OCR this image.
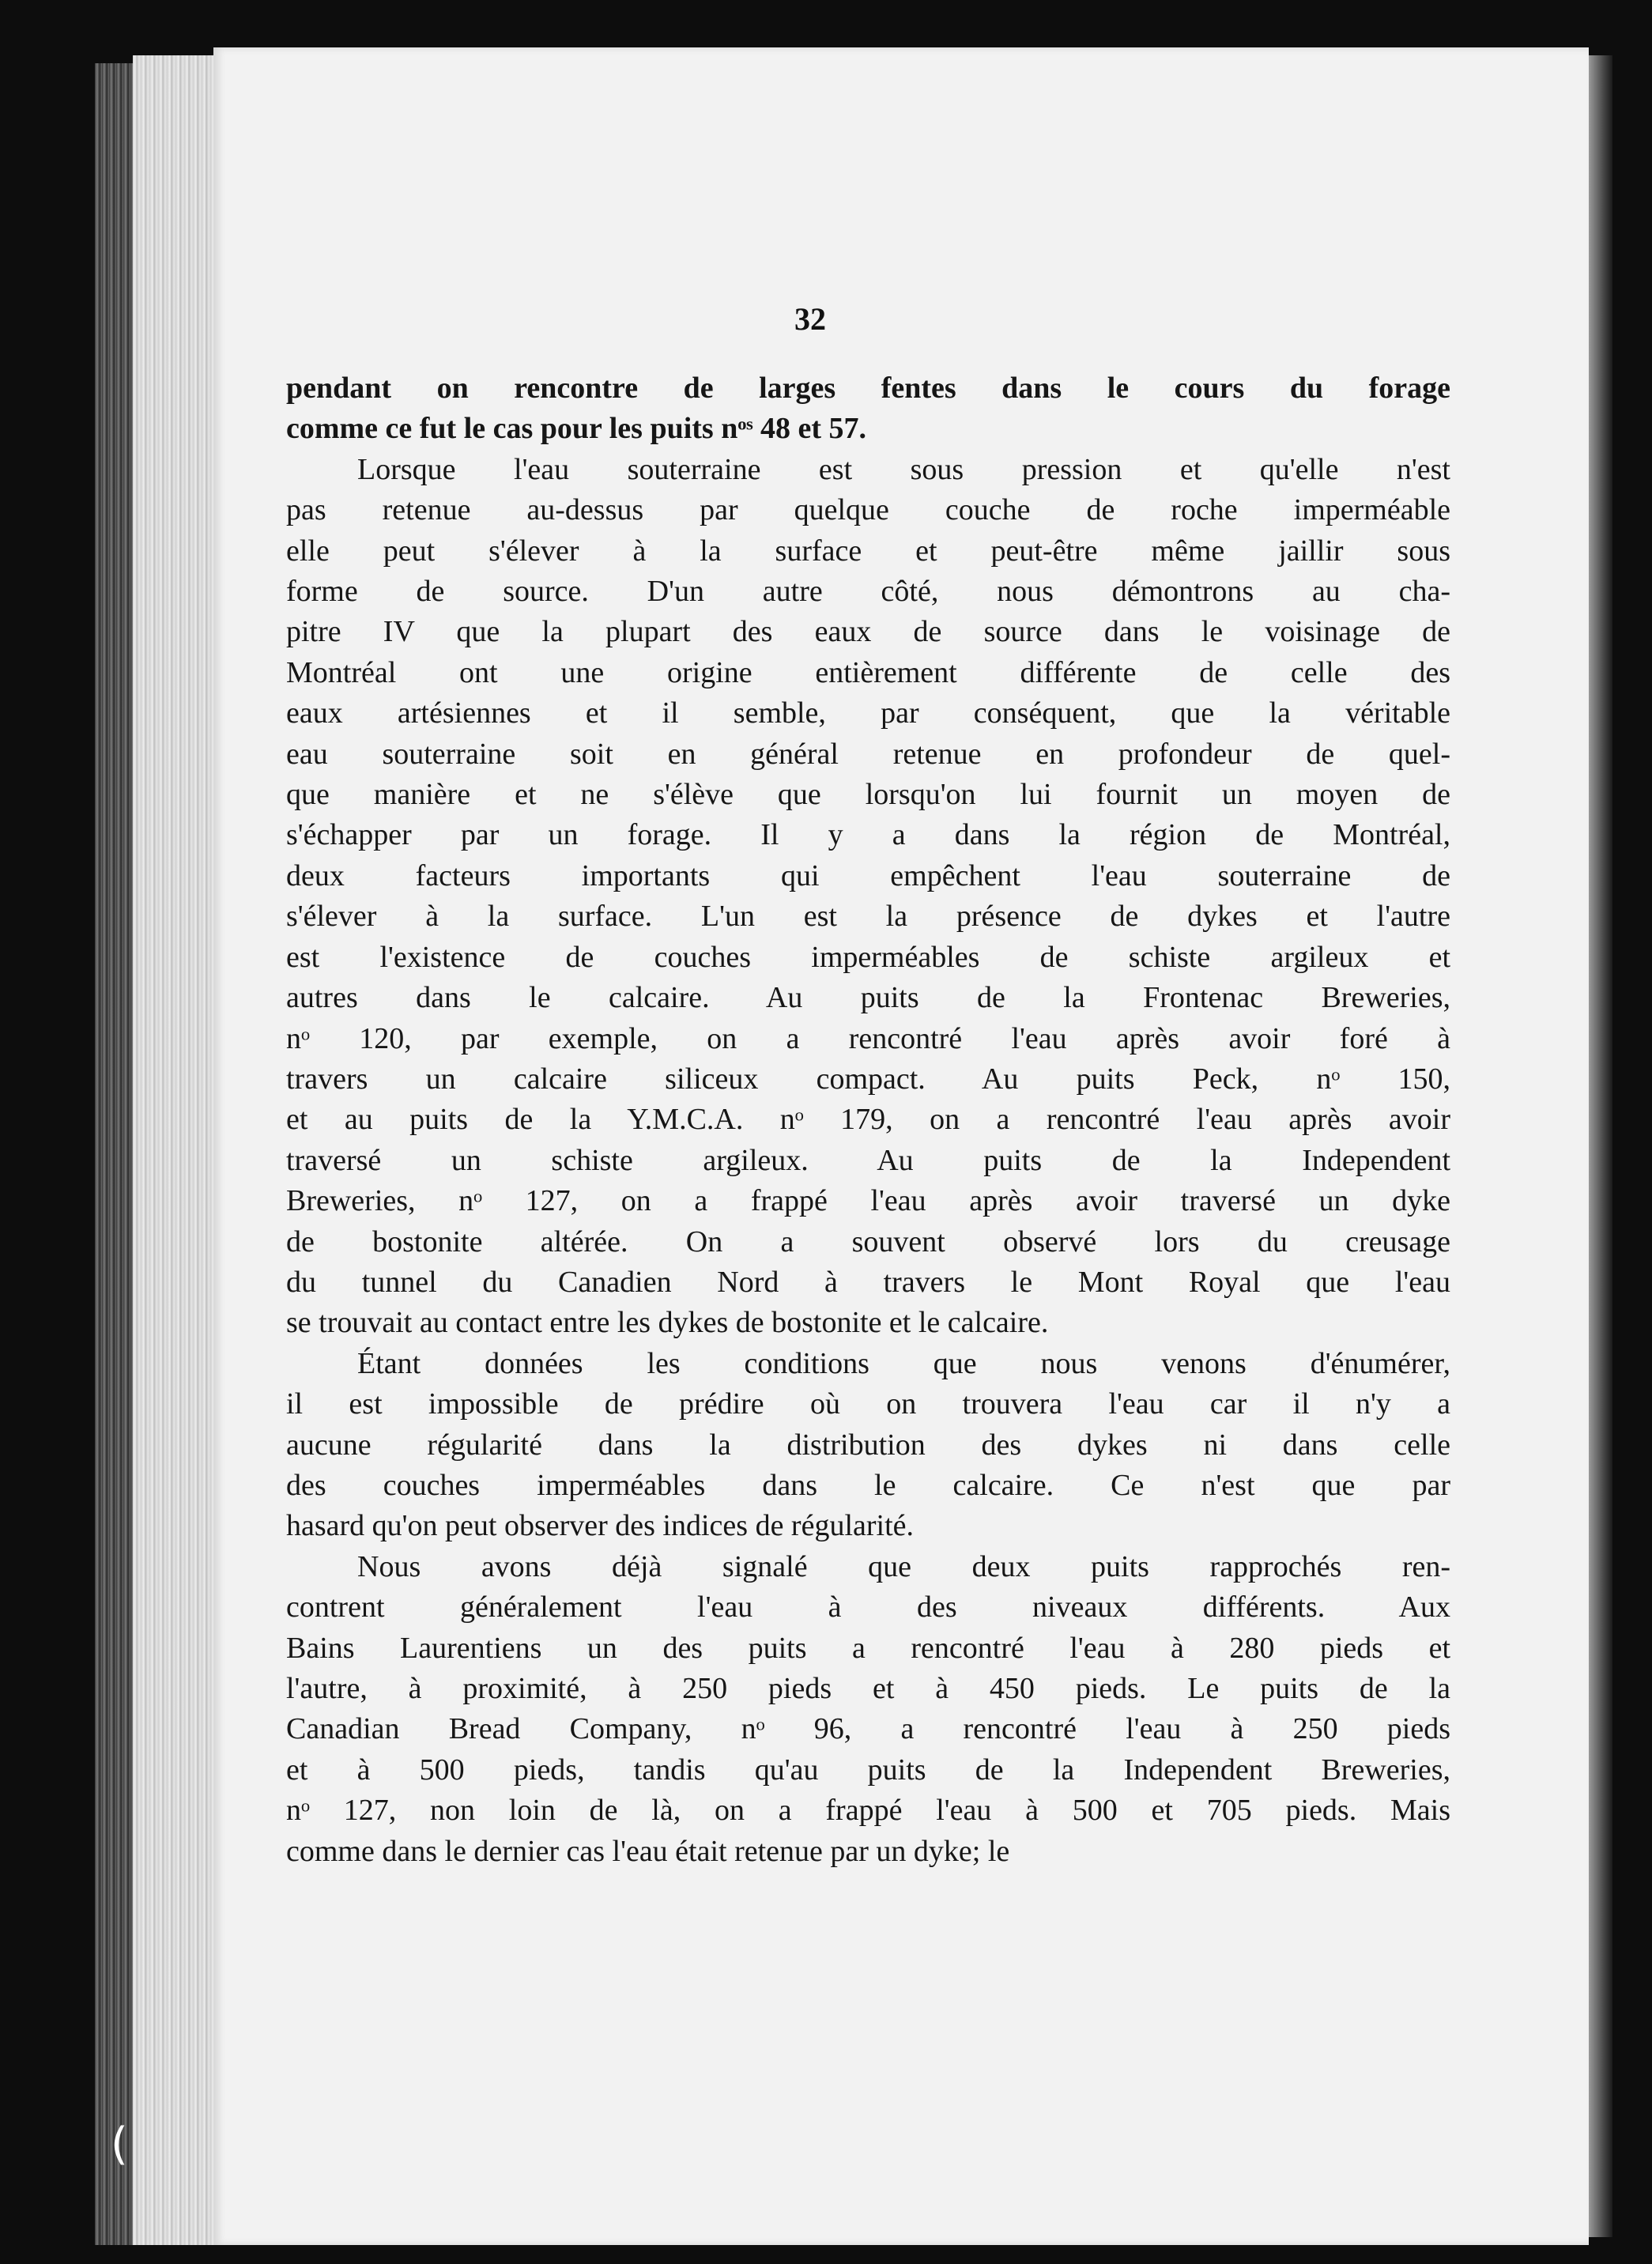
32
pendant on rencontre de larges fentes dans le cours du forage
comme ce fut le cas pour les puits nᵒˢ 48 et 57.
Lorsque l'eau souterraine est sous pression et qu'elle n'est
pas retenue au-dessus par quelque couche de roche imperméable
elle peut s'élever à la surface et peut-être même jaillir sous
forme de source. D'un autre côté, nous démontrons au cha-
pitre IV que la plupart des eaux de source dans le voisinage de
Montréal ont une origine entièrement différente de celle des
eaux artésiennes et il semble, par conséquent, que la véritable
eau souterraine soit en général retenue en profondeur de quel-
que manière et ne s'élève que lorsqu'on lui fournit un moyen de
s'échapper par un forage. Il y a dans la région de Montréal,
deux facteurs importants qui empêchent l'eau souterraine de
s'élever à la surface. L'un est la présence de dykes et l'autre
est l'existence de couches imperméables de schiste argileux et
autres dans le calcaire. Au puits de la Frontenac Breweries,
nᵒ 120, par exemple, on a rencontré l'eau après avoir foré à
travers un calcaire siliceux compact. Au puits Peck, nᵒ 150,
et au puits de la Y.M.C.A. nᵒ 179, on a rencontré l'eau après avoir
traversé un schiste argileux. Au puits de la Independent
Breweries, nᵒ 127, on a frappé l'eau après avoir traversé un dyke
de bostonite altérée. On a souvent observé lors du creusage
du tunnel du Canadien Nord à travers le Mont Royal que l'eau
se trouvait au contact entre les dykes de bostonite et le calcaire.
Étant données les conditions que nous venons d'énumérer,
il est impossible de prédire où on trouvera l'eau car il n'y a
aucune régularité dans la distribution des dykes ni dans celle
des couches imperméables dans le calcaire. Ce n'est que par
hasard qu'on peut observer des indices de régularité.
Nous avons déjà signalé que deux puits rapprochés ren-
contrent généralement l'eau à des niveaux différents. Aux
Bains Laurentiens un des puits a rencontré l'eau à 280 pieds et
l'autre, à proximité, à 250 pieds et à 450 pieds. Le puits de la
Canadian Bread Company, nᵒ 96, a rencontré l'eau à 250 pieds
et à 500 pieds, tandis qu'au puits de la Independent Breweries,
nᵒ 127, non loin de là, on a frappé l'eau à 500 et 705 pieds. Mais
comme dans le dernier cas l'eau était retenue par un dyke; le
(
